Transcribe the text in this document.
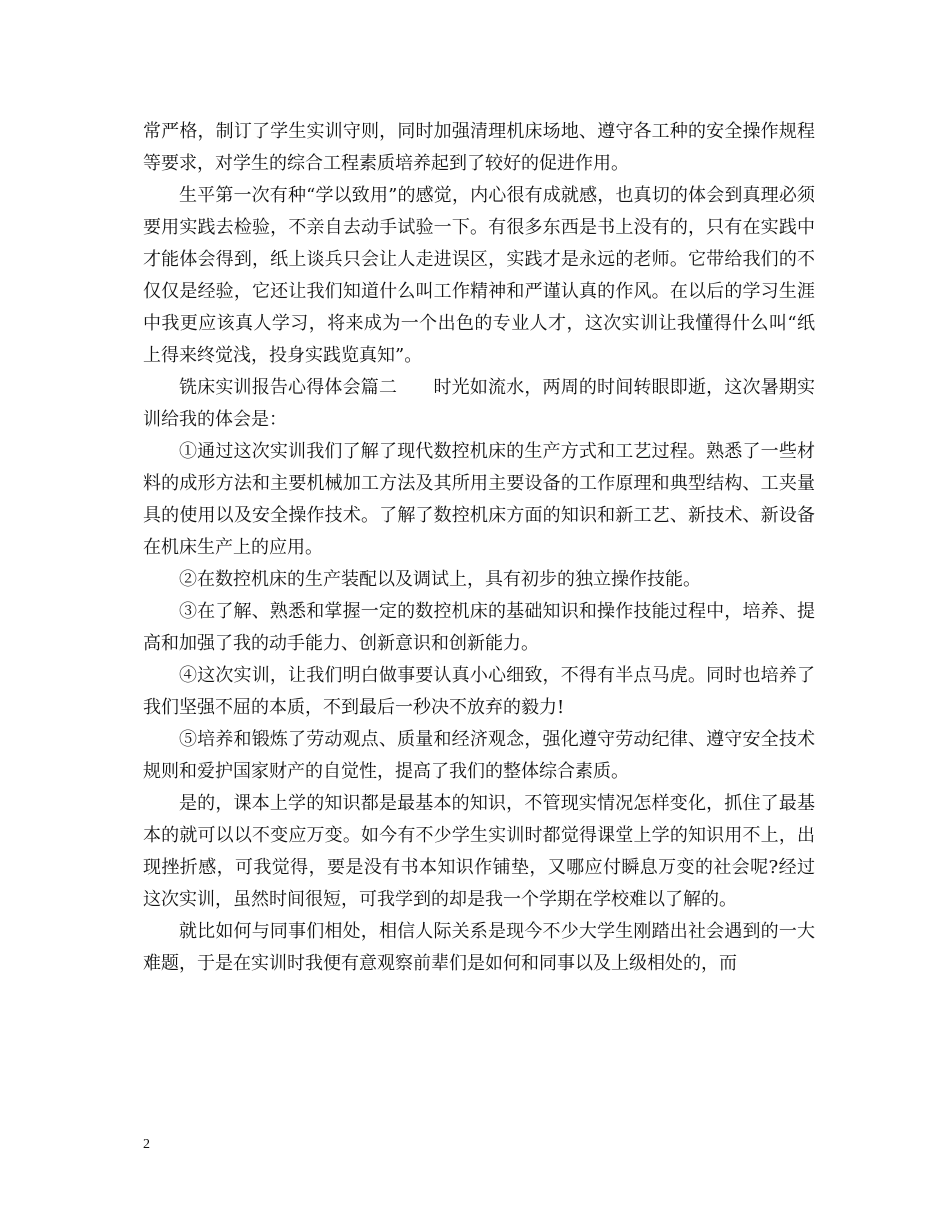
常严格，制订了学生实训守则，同时加强清理机床场地、遵守各工种的安全操作规程等要求，对学生的综合工程素质培养起到了较好的促进作用。

生平第一次有种“学以致用”的感觉，内心很有成就感，也真切的体会到真理必须要用实践去检验，不亲自去动手试验一下。有很多东西是书上没有的，只有在实践中才能体会得到，纸上谈兵只会让人走进误区，实践才是永远的老师。它带给我们的不仅仅是经验，它还让我们知道什么叫工作精神和严谨认真的作风。在以后的学习生涯中我更应该真人学习，将来成为一个出色的专业人才，这次实训让我懂得什么叫“纸上得来终觉浅，投身实践览真知”。

铣床实训报告心得体会篇二　　时光如流水，两周的时间转眼即逝，这次暑期实训给我的体会是：

①通过这次实训我们了解了现代数控机床的生产方式和工艺过程。熟悉了一些材料的成形方法和主要机械加工方法及其所用主要设备的工作原理和典型结构、工夹量具的使用以及安全操作技术。了解了数控机床方面的知识和新工艺、新技术、新设备在机床生产上的应用。

②在数控机床的生产装配以及调试上，具有初步的独立操作技能。

③在了解、熟悉和掌握一定的数控机床的基础知识和操作技能过程中，培养、提高和加强了我的动手能力、创新意识和创新能力。

④这次实训，让我们明白做事要认真小心细致，不得有半点马虎。同时也培养了我们坚强不屈的本质，不到最后一秒决不放弃的毅力!

⑤培养和锻炼了劳动观点、质量和经济观念，强化遵守劳动纪律、遵守安全技术规则和爱护国家财产的自觉性，提高了我们的整体综合素质。

是的，课本上学的知识都是最基本的知识，不管现实情况怎样变化，抓住了最基本的就可以以不变应万变。如今有不少学生实训时都觉得课堂上学的知识用不上，出现挫折感，可我觉得，要是没有书本知识作铺垫，又哪应付瞬息万变的社会呢?经过这次实训，虽然时间很短，可我学到的却是我一个学期在学校难以了解的。

就比如何与同事们相处，相信人际关系是现今不少大学生刚踏出社会遇到的一大难题，于是在实训时我便有意观察前辈们是如何和同事以及上级相处的，而

2
